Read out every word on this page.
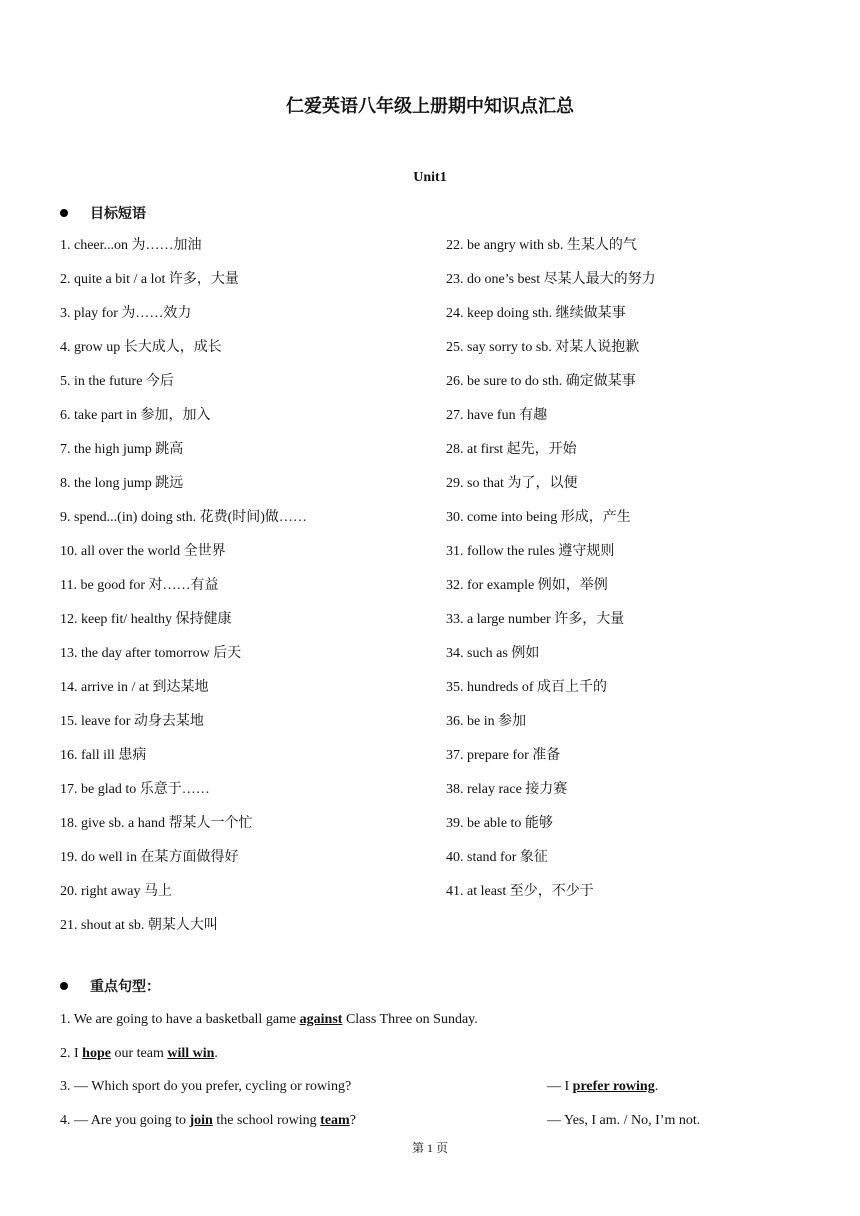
仁爱英语八年级上册期中知识点汇总
Unit1
目标短语
1. cheer...on 为……加油
2. quite a bit / a lot 许多，大量
3. play for 为……效力
4. grow up 长大成人，成长
5. in the future 今后
6. take part in 参加，加入
7. the high jump 跳高
8. the long jump 跳远
9. spend...(in) doing sth. 花费(时间)做……
10. all over the world 全世界
11. be good for 对……有益
12. keep fit/ healthy 保持健康
13. the day after tomorrow 后天
14. arrive in / at 到达某地
15. leave for 动身去某地
16. fall ill 患病
17. be glad to 乐意于……
18. give sb. a hand 帮某人一个忙
19. do well in 在某方面做得好
20. right away 马上
21. shout at sb. 朝某人大叫
22. be angry with sb. 生某人的气
23. do one’s best 尽某人最大的努力
24. keep doing sth. 继续做某事
25. say sorry to sb. 对某人说抱歉
26. be sure to do sth. 确定做某事
27. have fun 有趣
28. at first 起先，开始
29. so that 为了，以便
30. come into being 形成，产生
31. follow the rules 遵守规则
32. for example 例如，举例
33. a large number 许多，大量
34. such as 例如
35. hundreds of 成百上千的
36. be in 参加
37. prepare for 准备
38. relay race 接力赛
39. be able to 能够
40. stand for 象征
41. at least 至少，不少于
重点句型：
1. We are going to have a basketball game against Class Three on Sunday.
2. I hope our team will win.
3. — Which sport do you prefer, cycling or rowing?	— I prefer rowing.
4. — Are you going to join the school rowing team?	— Yes, I am. / No, I’m not.
第 1 页
